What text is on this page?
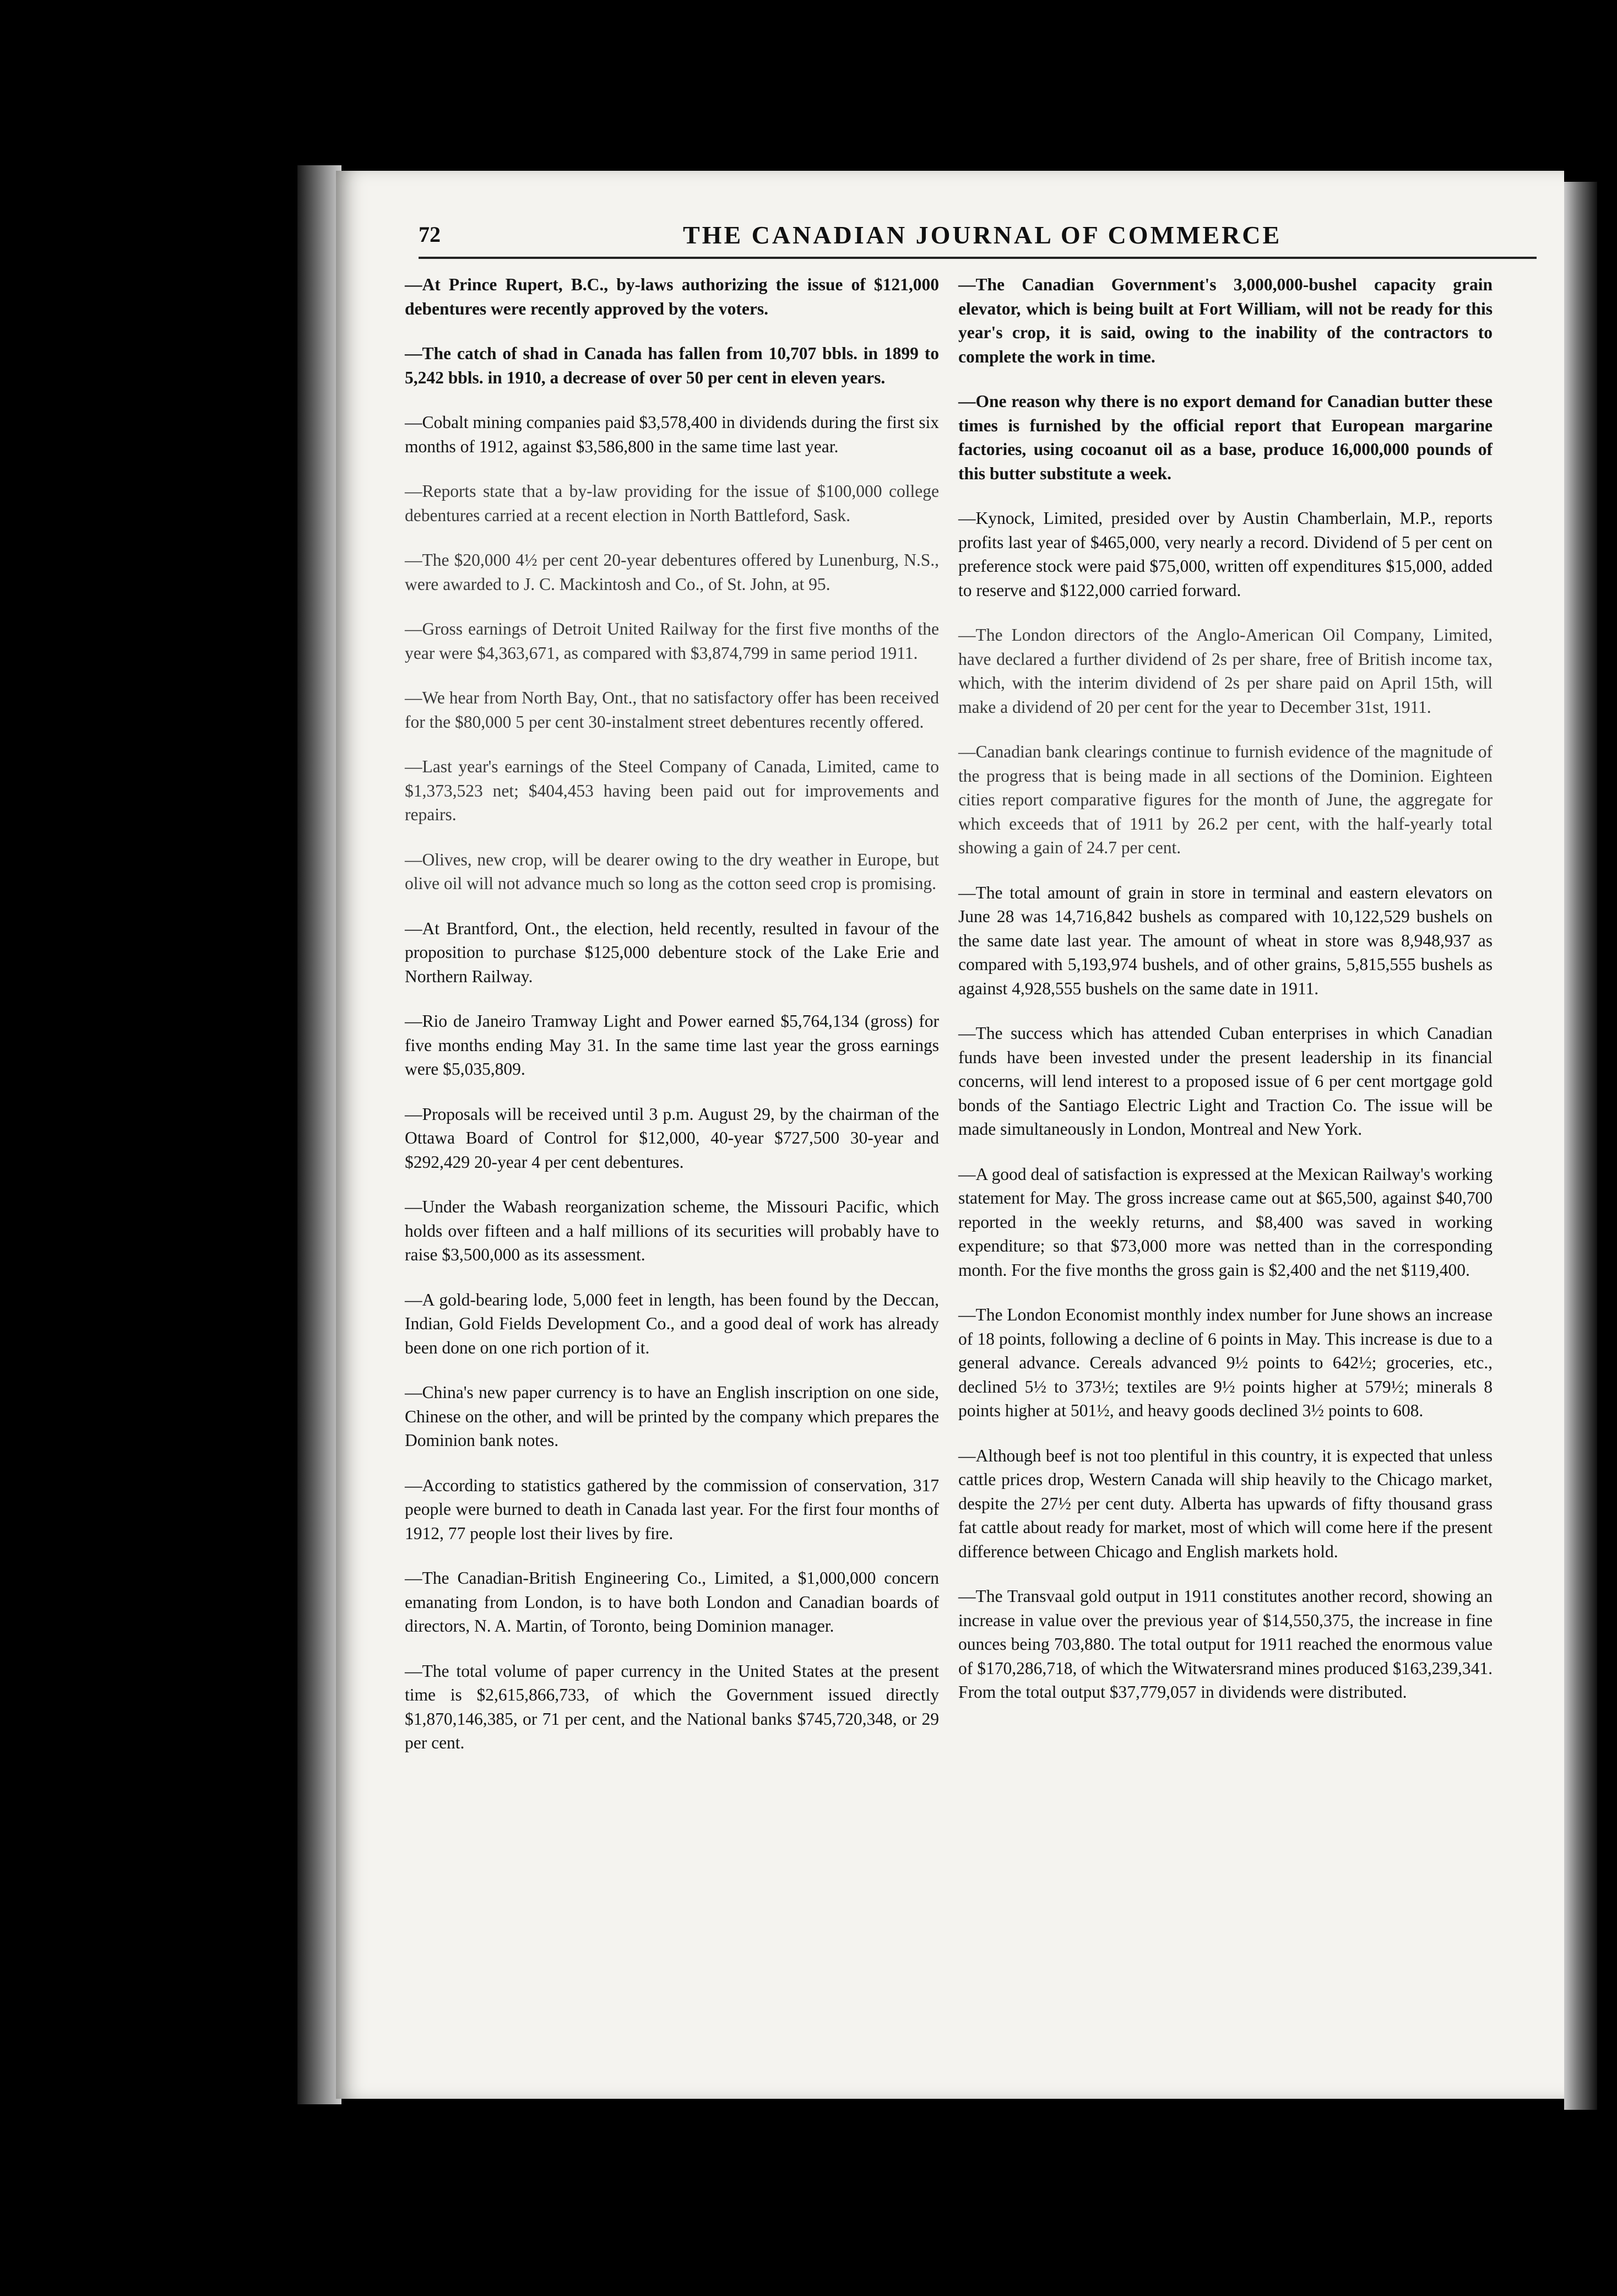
72	THE CANADIAN JOURNAL OF COMMERCE

—At Prince Rupert, B.C., by-laws authorizing the issue of $121,000 debentures were recently approved by the voters.

—The catch of shad in Canada has fallen from 10,707 bbls. in 1899 to 5,242 bbls. in 1910, a decrease of over 50 per cent in eleven years.

—Cobalt mining companies paid $3,578,400 in dividends during the first six months of 1912, against $3,586,800 in the same time last year.

—Reports state that a by-law providing for the issue of $100,000 college debentures carried at a recent election in North Battleford, Sask.

—The $20,000 4½ per cent 20-year debentures offered by Lunenburg, N.S., were awarded to J. C. Mackintosh and Co., of St. John, at 95.

—Gross earnings of Detroit United Railway for the first five months of the year were $4,363,671, as compared with $3,874,799 in same period 1911.

—We hear from North Bay, Ont., that no satisfactory offer has been received for the $80,000 5 per cent 30-instalment street debentures recently offered.

—Last year's earnings of the Steel Company of Canada, Limited, came to $1,373,523 net; $404,453 having been paid out for improvements and repairs.

—Olives, new crop, will be dearer owing to the dry weather in Europe, but olive oil will not advance much so long as the cotton seed crop is promising.

—At Brantford, Ont., the election, held recently, resulted in favour of the proposition to purchase $125,000 debenture stock of the Lake Erie and Northern Railway.

—Rio de Janeiro Tramway Light and Power earned $5,764,134 (gross) for five months ending May 31. In the same time last year the gross earnings were $5,035,809.

—Proposals will be received until 3 p.m. August 29, by the chairman of the Ottawa Board of Control for $12,000, 40-year $727,500 30-year and $292,429 20-year 4 per cent debentures.

—Under the Wabash reorganization scheme, the Missouri Pacific, which holds over fifteen and a half millions of its securities will probably have to raise $3,500,000 as its assessment.

—A gold-bearing lode, 5,000 feet in length, has been found by the Deccan, Indian, Gold Fields Development Co., and a good deal of work has already been done on one rich portion of it.

—China's new paper currency is to have an English inscription on one side, Chinese on the other, and will be printed by the company which prepares the Dominion bank notes.

—According to statistics gathered by the commission of conservation, 317 people were burned to death in Canada last year. For the first four months of 1912, 77 people lost their lives by fire.

—The Canadian-British Engineering Co., Limited, a $1,000,000 concern emanating from London, is to have both London and Canadian boards of directors, N. A. Martin, of Toronto, being Dominion manager.

—The total volume of paper currency in the United States at the present time is $2,615,866,733, of which the Government issued directly $1,870,146,385, or 71 per cent, and the National banks $745,720,348, or 29 per cent.

—The Canadian Government's 3,000,000-bushel capacity grain elevator, which is being built at Fort William, will not be ready for this year's crop, it is said, owing to the inability of the contractors to complete the work in time.

—One reason why there is no export demand for Canadian butter these times is furnished by the official report that European margarine factories, using cocoanut oil as a base, produce 16,000,000 pounds of this butter substitute a week.

—Kynock, Limited, presided over by Austin Chamberlain, M.P., reports profits last year of $465,000, very nearly a record. Dividend of 5 per cent on preference stock were paid $75,000, written off expenditures $15,000, added to reserve and $122,000 carried forward.

—The London directors of the Anglo-American Oil Company, Limited, have declared a further dividend of 2s per share, free of British income tax, which, with the interim dividend of 2s per share paid on April 15th, will make a dividend of 20 per cent for the year to December 31st, 1911.

—Canadian bank clearings continue to furnish evidence of the magnitude of the progress that is being made in all sections of the Dominion. Eighteen cities report comparative figures for the month of June, the aggregate for which exceeds that of 1911 by 26.2 per cent, with the half-yearly total showing a gain of 24.7 per cent.

—The total amount of grain in store in terminal and eastern elevators on June 28 was 14,716,842 bushels as compared with 10,122,529 bushels on the same date last year. The amount of wheat in store was 8,948,937 as compared with 5,193,974 bushels, and of other grains, 5,815,555 bushels as against 4,928,555 bushels on the same date in 1911.

—The success which has attended Cuban enterprises in which Canadian funds have been invested under the present leadership in its financial concerns, will lend interest to a proposed issue of 6 per cent mortgage gold bonds of the Santiago Electric Light and Traction Co. The issue will be made simultaneously in London, Montreal and New York.

—A good deal of satisfaction is expressed at the Mexican Railway's working statement for May. The gross increase came out at $65,500, against $40,700 reported in the weekly returns, and $8,400 was saved in working expenditure; so that $73,000 more was netted than in the corresponding month. For the five months the gross gain is $2,400 and the net $119,400.

—The London Economist monthly index number for June shows an increase of 18 points, following a decline of 6 points in May. This increase is due to a general advance. Cereals advanced 9½ points to 642½; groceries, etc., declined 5½ to 373½; textiles are 9½ points higher at 579½; minerals 8 points higher at 501½, and heavy goods declined 3½ points to 608.

—Although beef is not too plentiful in this country, it is expected that unless cattle prices drop, Western Canada will ship heavily to the Chicago market, despite the 27½ per cent duty. Alberta has upwards of fifty thousand grass fat cattle about ready for market, most of which will come here if the present difference between Chicago and English markets hold.

—The Transvaal gold output in 1911 constitutes another record, showing an increase in value over the previous year of $14,550,375, the increase in fine ounces being 703,880. The total output for 1911 reached the enormous value of $170,286,718, of which the Witwatersrand mines produced $163,239,341. From the total output $37,779,057 in dividends were distributed.
